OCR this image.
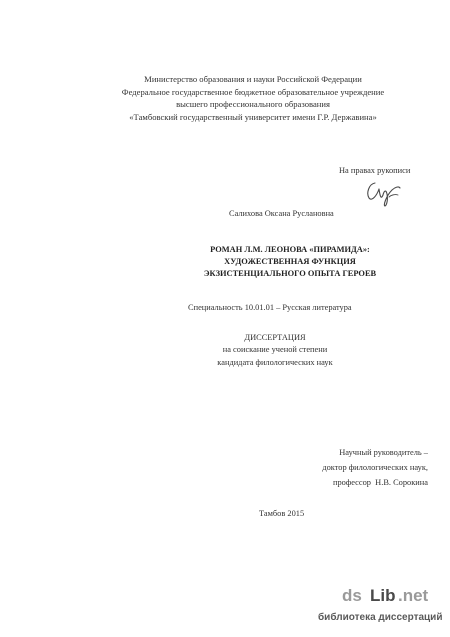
Министерство образования и науки Российской Федерации
Федеральное государственное бюджетное образовательное учреждение
высшего профессионального образования
«Тамбовский государственный университет имени Г.Р. Державина»
На правах рукописи
Салихова Оксана Руслановна
РОМАН Л.М. ЛЕОНОВА «ПИРАМИДА»:
ХУДОЖЕСТВЕННАЯ ФУНКЦИЯ
ЭКЗИСТЕНЦИАЛЬНОГО ОПЫТА ГЕРОЕВ
Специальность 10.01.01 – Русская литература
ДИССЕРТАЦИЯ
на соискание ученой степени
кандидата филологических наук
Научный руководитель –
доктор филологических наук,
профессор  Н.В. Сорокина
Тамбов 2015
ds Lib .net
библиотека диссертаций
